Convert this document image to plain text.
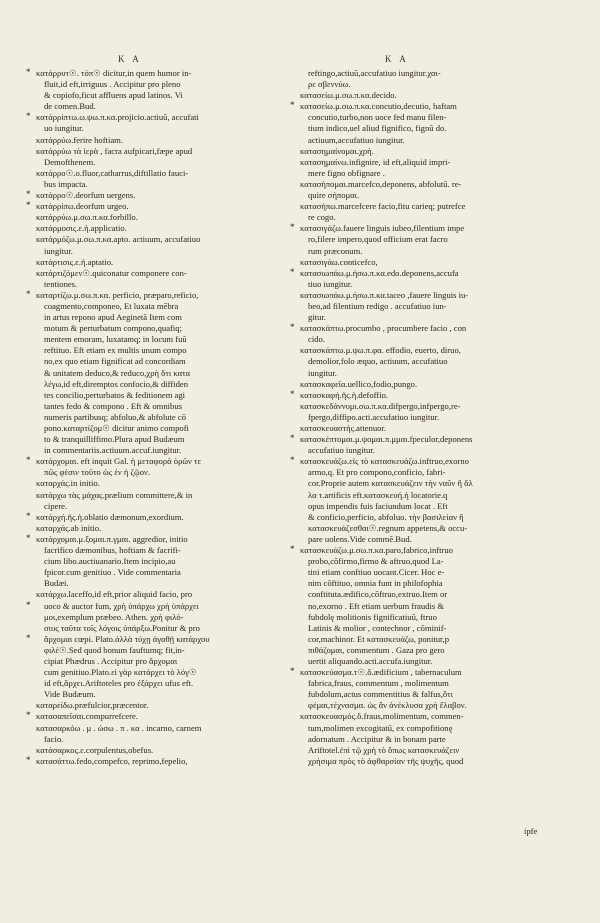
K A	K A
* κατάρρυτ☉. τόπ☉ dicitur,in quem humor in-
fluit,id eft,irriguus . Accipitur pro pleno
& copiofo,ficut affluens apud latinos. Vi
de comen.Bud.
* κατάρρίπτω.ω.ψω.π.κα.projicio.actiuū, accufati
uo iungitur.
κατάρρύω.ferire hoftiam.
κατάρρύω τὰ ἱερὰ , facra aufpicari,fæpe apud
Demofthenem.
κατάρρο☉.ο.fluor,catharrus,diftillatio fauci-
bus impacta.
* κατάρρο☉.deorfum uergens.
* κατάρρίπω.deorfum urgeo.
κατάρρύω.μ.σω.π.κα.forbillo.
κατάρμοσις.ε.ἡ.applicatio.
κατάρμόζω.μ.σω.π.κα.apto. actiuum, accufatiuo
iungitur.
κατάρτισις.ε.ἡ.aptatio.
κατάρτιζόμεν☉.quiconatur componere con-
tentiones.
* καταρτίζω.μ.σω.π.κα. perficio, præparo,reficio,
coagmento,componeo, Et luxata mēbra
in artus repono apud Aeginetā Item com
motum & perturbatum compono,quafiq;
mentem emoram, luxatamq; in locum fuū
reftituo. Eft etiam ex multis unum compo
no,ex quo etiam fignificat ad concordiam
& unitatem deduco,& reduco,χρὴ ὅτι κατα
λέγω,id eft,diremptos confocio,& diffiden
tes concilio,perturbatos & feditionem agi
tantes fedo & compono . Eft & omnibus
numeris partibusq; abfoluo,& abfolute cō
pono.καταρτίζομ☉ dicitur animo compofi
to & tranquilliffimo.Plura apud Budæum
in commentariis.actiuum.accuf.iungitur.
* κατάρχομαι. eft inquit Gal. ἡ μεταφορᾶ ὁρῶν τε
πῶς φέσιν τοῦτο ὡς ἐν ἡ ζῷον.
καταρχάς.in initio.
κατάρχω τὰς μάχας.prælium committere,& in
cipere.
* κατάρχή.ῆς.ἡ.oblatio dæmonum,exordium.
καταρχάς.ab initio.
* κατάρχομαι.μ.ξομαι.π.γμαι. aggredior, initio
facrifico dæmonibus, hoftiam & facrifi-
cium libo.auctiuanario.Item incipio,au
fpicor.cum genitiuo . Vide commentaria
Budæi.
κατάρχω.laceffo,id eft,prior aliquid facio, pro
* uoco & auctor fum, χρὴ ὑπάρχω χρὴ ὑπάρχει
μοι,exemplum præbeo. Athen. χρὴ φιλό-
σιυς ταῦτα τοῖς λόγοις ὑπάρξω.Ponitur & pro
* ἄρχομαι cœpi. Plato.ἀλλὰ τύχῃ ἀγαθῇ κατάρχου
φιλέ☉.Sed quod bonum fauftumq; fit,in-
cipiat Phædrus . Accipitur pro ἄρχομαι
cum genitiuo.Plato.εἰ γὰρ κατάρχει τὸ λόγ☉
id eft,ἄρχει.Ariftoteles pro ἐξάρχει ufus eft.
Vide Budæum.
καταρείδω.præfulcior,præcentor.
* κατασαπεῖσαι.compurrefcere.
κατασαρκόω . μ . ώσω . π . κα . incarno, carnem
facio.
κατάσαρκος.ε.corpulentus,obefus.
* κατασάττω.fedo,compefco, reprimo,fepelio,
reftingo,actiuū,accufatiuo iungitur.χαι-
ρε σβεννύω.
κατασείω.μ.σω.π.κα.decido.
* κατασείω.μ.σω.π.κα.concutio,decutio, haftam
concutio,turbo,non uoce fed manu filen-
tium indico,uel aliud fignifico, fignū do.
actiuum,accufatiuo iungitur.
κατασημαίνομαι.χρὴ.
κατασημαίνω.infignire, id eft,aliquid impri-
mere figno obfignare .
κατασήπομαι.marcefco,deponens, abfolutū. re-
quire σήπομαι.
κατασήπω.marcefcere facio,fitu carieq; putrefce
re cogo.
* κατασιγάζω.fauere linguis iubeo,filentium impe
ro,filere impero,quod officium erat facro
rum præconum.
κατασιγάω.conticefco,
* κατασιωπάω.μ.ήσω.π.κα.edo.deponens,accufa
tiuo iungitur.
κατασιωπάω.μ.ήσω.π.κα.taceo ,fauere linguis iu-
beo,ad filentium redigo . accufatiuo iun-
gitur.
* κατασκάπτω.procumbo , procumbere facio , con
cido.
κατασκάπτω.μ.ψω.π.φα. effodio, euerto, diruo,
demolior,folo æquo, actiuum, accufatiuo
iungitur.
κατασκαφεῖα.uellico,fodio,pungo.
* κατασκαφή.ῆς.ἡ.defoffio.
κατασκεδάννυμι.σω.π.κα.difpergo,infpergo,re-
fpergo,diffipo.acti.accufatiuo iungitur.
κατασκευαστὴς.attenuor.
* κατασκέπτομαι.μ.ψομαι.π.μμαι.fpeculor,deponens
accufatiuo iungitur.
* κατασκευάζω.εἰς τὸ κατασκευάζω.inftruo,exorno
armo,q. Et pro compono,conficio, fabri-
cor.Proprie autem κατασκευάζειν τὴν ναῦν ἢ ἄλ
λα τ.artificis eft.κατασκευή.ἡ locatorie.q
opus impendis fuis faciundum locat . Eft
& conficio,perficio, abfoluo. τὴν βασιλείαν ἤ
κατασκευάζεσθαι☉.regnum appetens,& occu-
pare uolens.Vide commē.Bud.
* κατασκευάζω.μ.σω.π.κα.paro,fabrico,inftruo
probo,cōfirmo,firmo & aftruo,quod La-
tini etiam conftiuo uocant.Cicer. Hoc e-
nim cōftituo, omnia funt in philofophia
conftituta.ædifico,cōftruo,extruo.Item or
no,exorno . Eft etiam uerbum fraudis &
fubdolę molitionis fignificatiuū, ftruo
Latinis & molior , contechnor , cōminif-
cor,machinor. Et κατασκευάζω, ponitur,p
πιθάζομαι, commentum . Gaza pro gero
uertit aliquando.acti.accufa.iungitur.
* κατασκεύασμα.τ☉.ὄ.ædificium , tabernaculum
fabrica,fraus, commentum , molimentum
fubdolum,actus commentitius & falfus,ὅτι
φέμαι,τέχνασμα. ὡς ἂν ἀνέκλυσα χρὴ ἔλαβον.
κατασκευασμός.ὄ.fraus,molimentum, commen-
tum,molimen excogitatū, ex compofitionę
adornatum . Accipitur & in bonam parte
Ariftotel.ἐπὶ τῷ χρὴ τὸ ὅπως κατασκευάζειν
χρήσιμα πρὸς τὸ ἀφθαρσίαν τῆς ψυχῆς, quod
ipfe
